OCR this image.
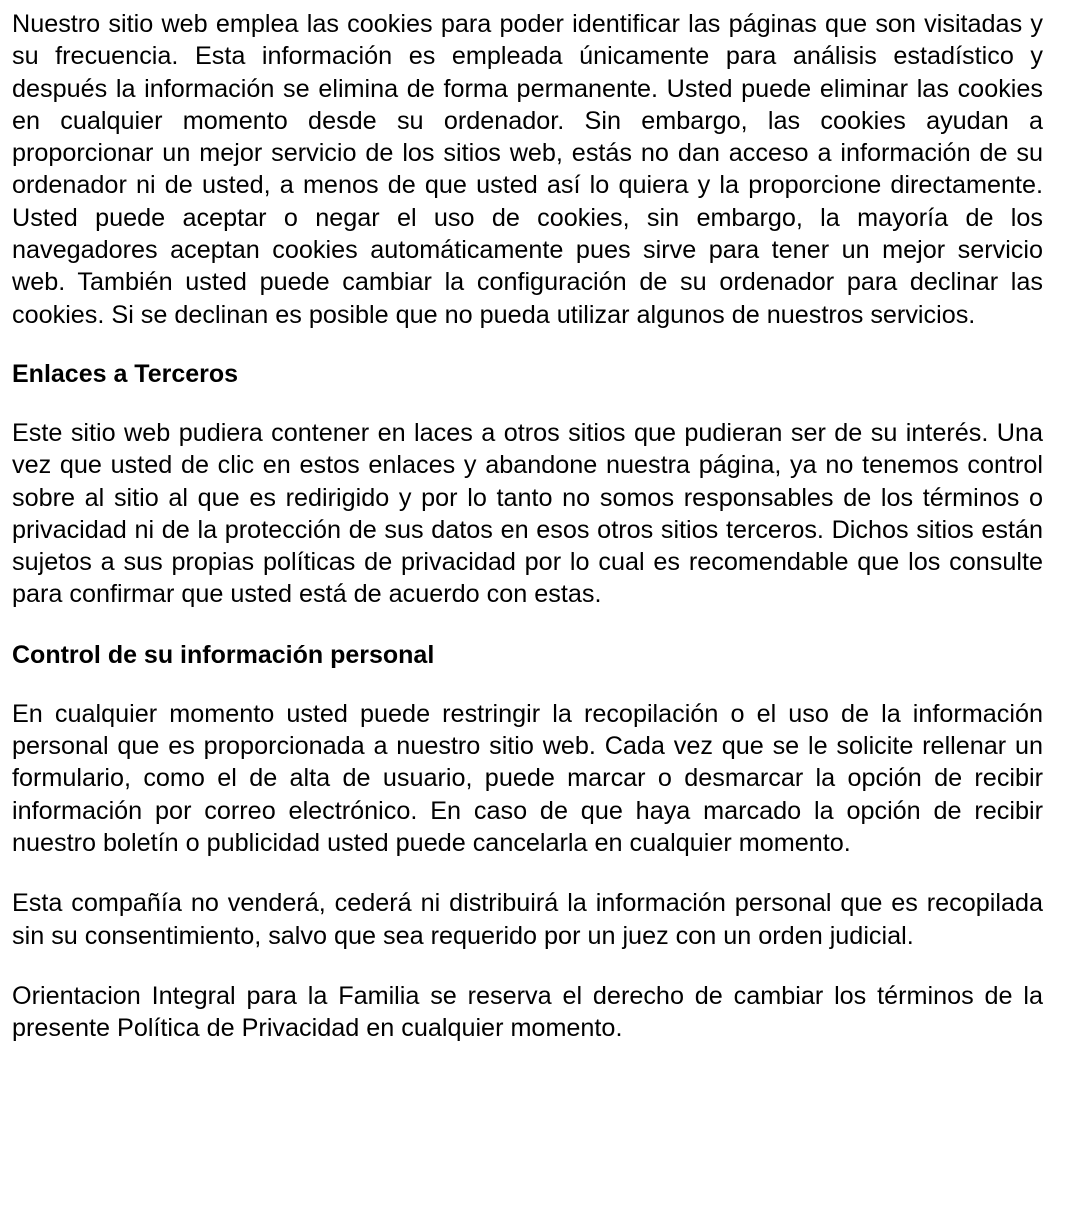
Nuestro sitio web emplea las cookies para poder identificar las páginas que son visitadas y su frecuencia. Esta información es empleada únicamente para análisis estadístico y después la información se elimina de forma permanente. Usted puede eliminar las cookies en cualquier momento desde su ordenador. Sin embargo, las cookies ayudan a proporcionar un mejor servicio de los sitios web, estás no dan acceso a información de su ordenador ni de usted, a menos de que usted así lo quiera y la proporcione directamente. Usted puede aceptar o negar el uso de cookies, sin embargo, la mayoría de los navegadores aceptan cookies automáticamente pues sirve para tener un mejor servicio web. También usted puede cambiar la configuración de su ordenador para declinar las cookies. Si se declinan es posible que no pueda utilizar algunos de nuestros servicios.

Enlaces a Terceros

Este sitio web pudiera contener en laces a otros sitios que pudieran ser de su interés. Una vez que usted de clic en estos enlaces y abandone nuestra página, ya no tenemos control sobre al sitio al que es redirigido y por lo tanto no somos responsables de los términos o privacidad ni de la protección de sus datos en esos otros sitios terceros. Dichos sitios están sujetos a sus propias políticas de privacidad por lo cual es recomendable que los consulte para confirmar que usted está de acuerdo con estas.

Control de su información personal

En cualquier momento usted puede restringir la recopilación o el uso de la información personal que es proporcionada a nuestro sitio web. Cada vez que se le solicite rellenar un formulario, como el de alta de usuario, puede marcar o desmarcar la opción de recibir información por correo electrónico. En caso de que haya marcado la opción de recibir nuestro boletín o publicidad usted puede cancelarla en cualquier momento.

Esta compañía no venderá, cederá ni distribuirá la información personal que es recopilada sin su consentimiento, salvo que sea requerido por un juez con un orden judicial.

Orientacion Integral para la Familia se reserva el derecho de cambiar los términos de la presente Política de Privacidad en cualquier momento.
